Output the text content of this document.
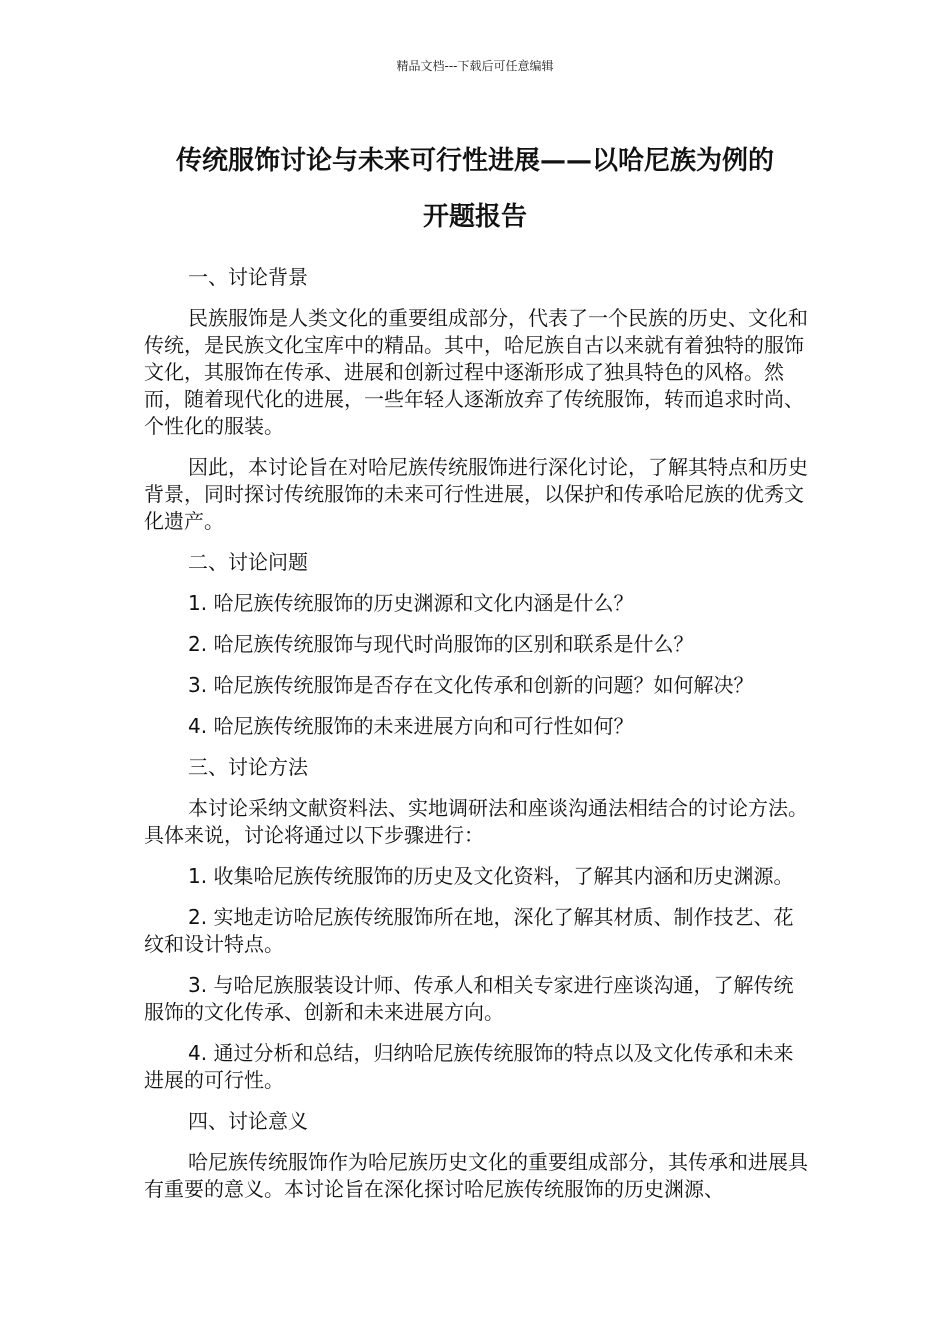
精品文档---下载后可任意编辑
传统服饰讨论与未来可行性进展——以哈尼族为例的
开题报告

一、讨论背景

民族服饰是人类文化的重要组成部分，代表了一个民族的历史、文化和传统，是民族文化宝库中的精品。其中，哈尼族自古以来就有着独特的服饰文化，其服饰在传承、进展和创新过程中逐渐形成了独具特色的风格。然而，随着现代化的进展，一些年轻人逐渐放弃了传统服饰，转而追求时尚、个性化的服装。

因此，本讨论旨在对哈尼族传统服饰进行深化讨论，了解其特点和历史背景，同时探讨传统服饰的未来可行性进展，以保护和传承哈尼族的优秀文化遗产。

二、讨论问题

1. 哈尼族传统服饰的历史渊源和文化内涵是什么？

2. 哈尼族传统服饰与现代时尚服饰的区别和联系是什么？

3. 哈尼族传统服饰是否存在文化传承和创新的问题？如何解决？

4. 哈尼族传统服饰的未来进展方向和可行性如何？

三、讨论方法

本讨论采纳文献资料法、实地调研法和座谈沟通法相结合的讨论方法。具体来说，讨论将通过以下步骤进行：

1. 收集哈尼族传统服饰的历史及文化资料，了解其内涵和历史渊源。

2. 实地走访哈尼族传统服饰所在地，深化了解其材质、制作技艺、花纹和设计特点。

3. 与哈尼族服装设计师、传承人和相关专家进行座谈沟通，了解传统服饰的文化传承、创新和未来进展方向。

4. 通过分析和总结，归纳哈尼族传统服饰的特点以及文化传承和未来进展的可行性。

四、讨论意义

哈尼族传统服饰作为哈尼族历史文化的重要组成部分，其传承和进展具有重要的意义。本讨论旨在深化探讨哈尼族传统服饰的历史渊源、
